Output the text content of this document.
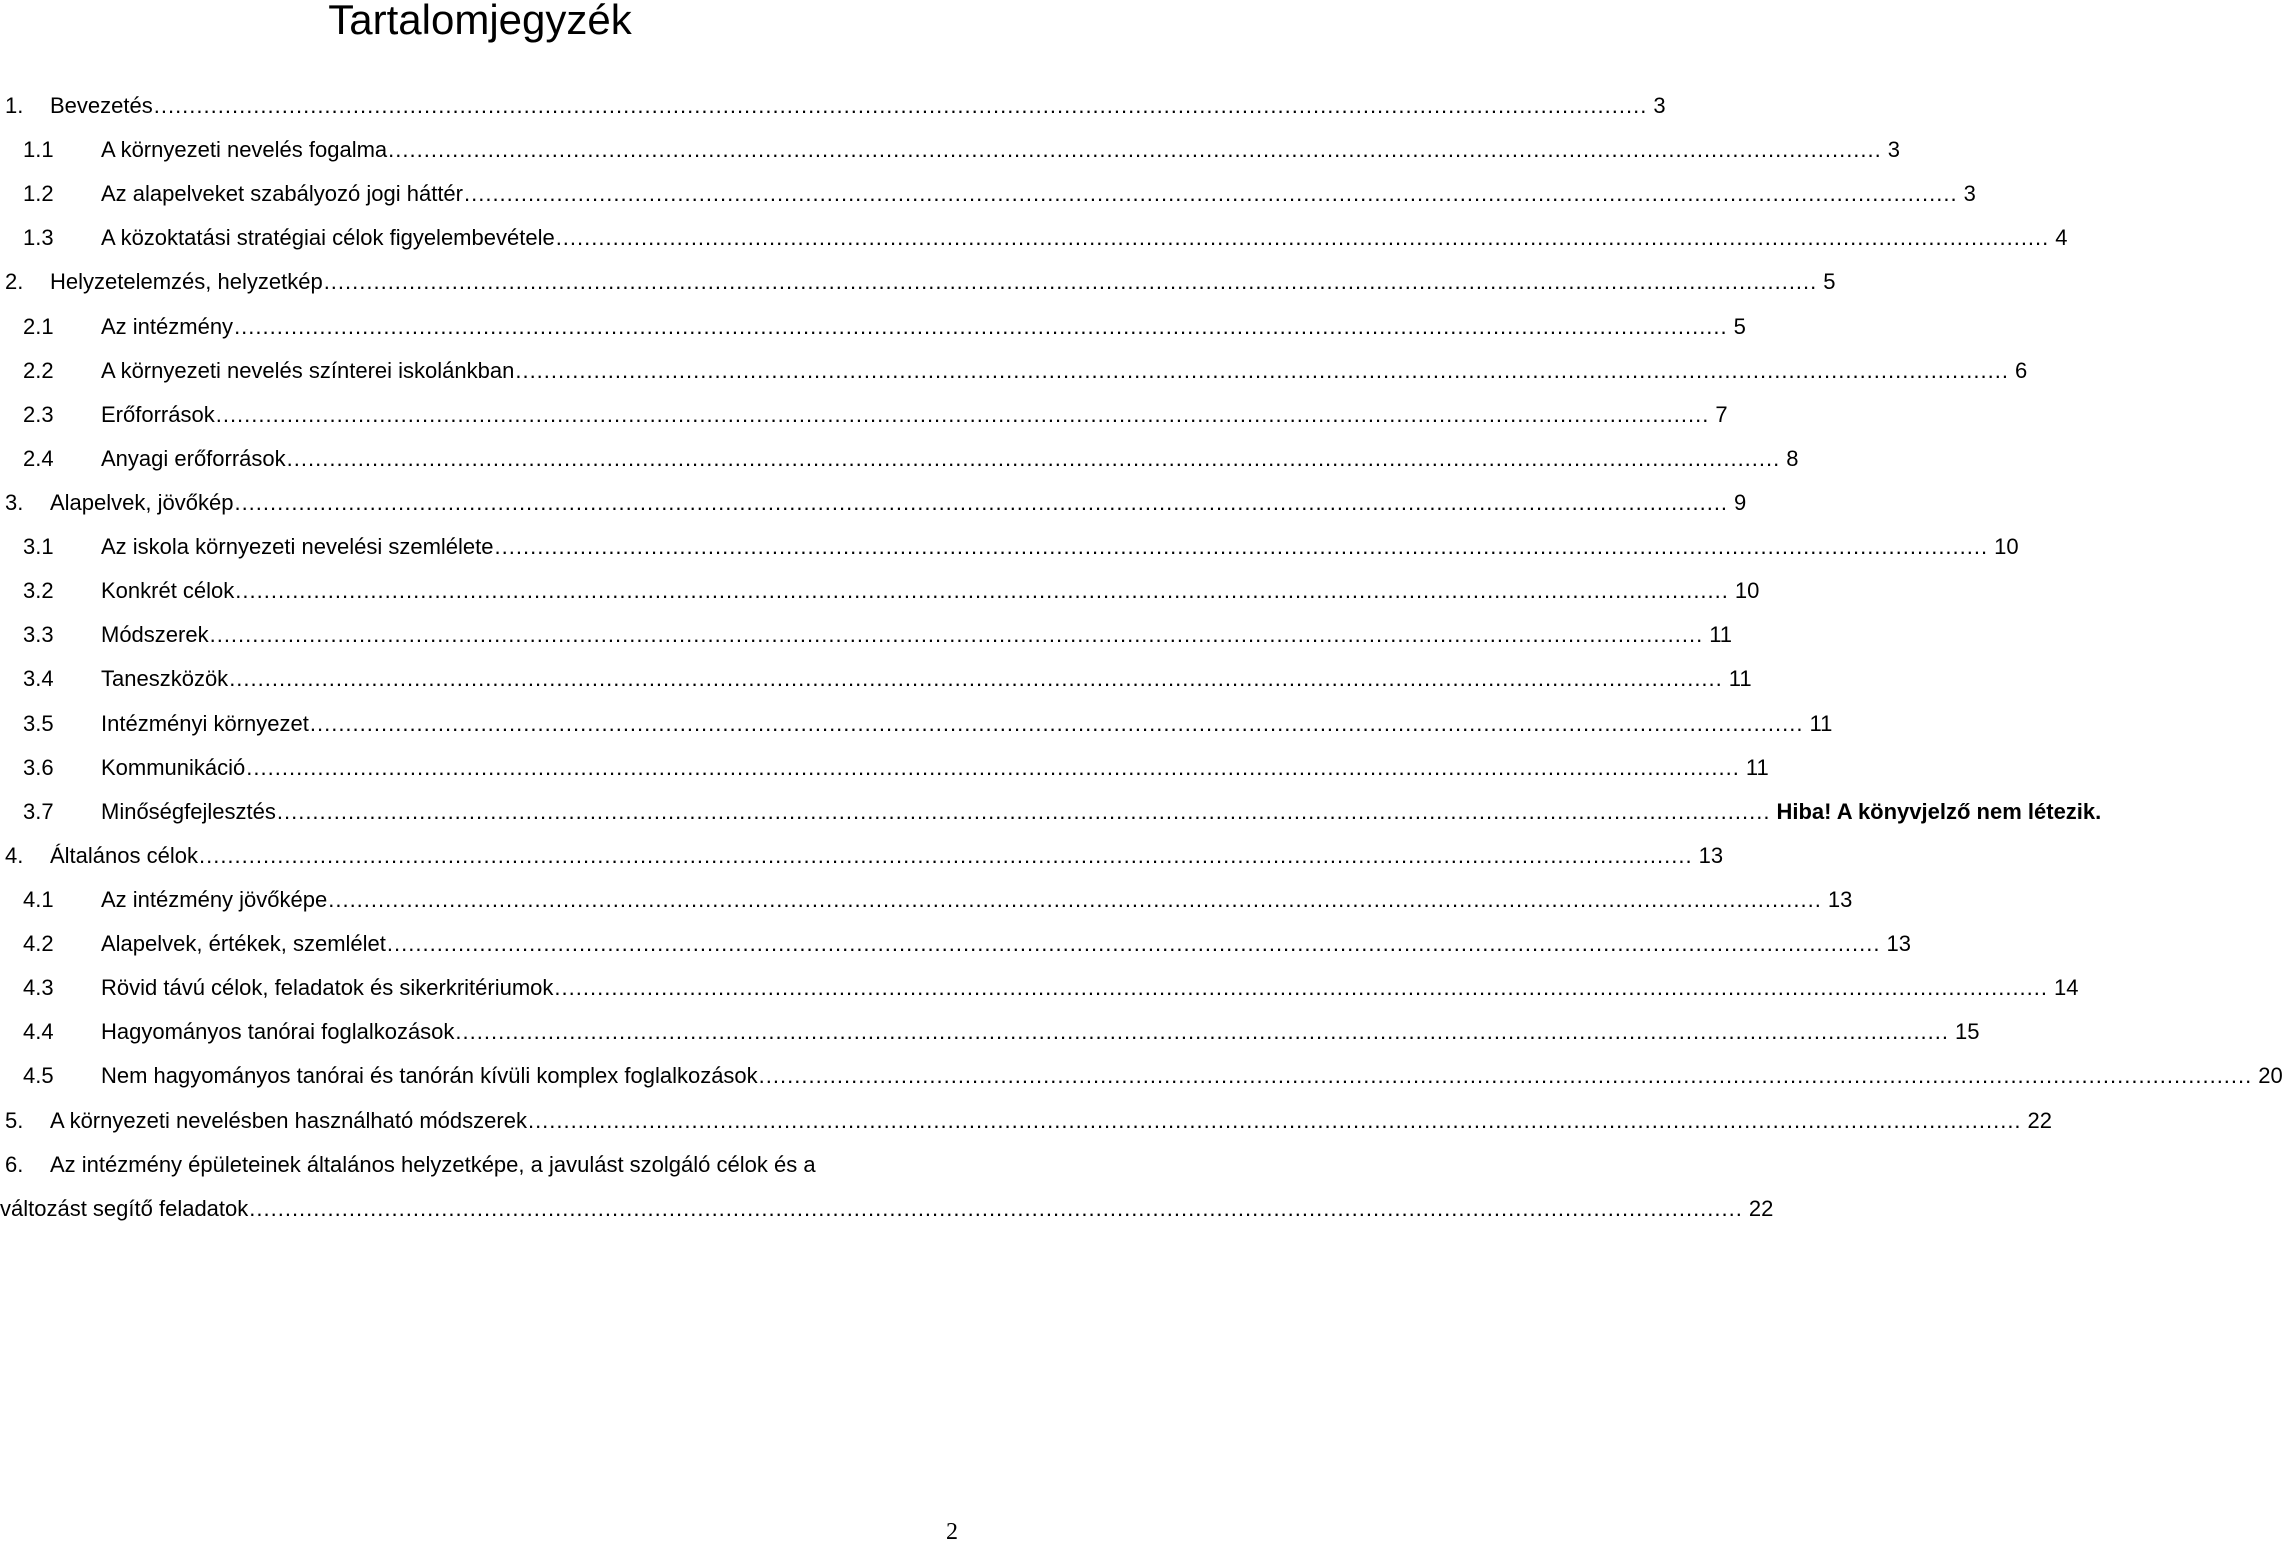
Tartalomjegyzék
1. Bevezetés .................................................................................................................................................................................................................. 3
1.1 A környezeti nevelés fogalma .................................................................................................................................................................................................................. 3
1.2 Az alapelveket szabályozó jogi háttér .................................................................................................................................................................................................................. 3
1.3 A közoktatási stratégiai célok figyelembevétele .................................................................................................................................................................................................................. 4
2. Helyzetelemzés, helyzetkép .................................................................................................................................................................................................................. 5
2.1 Az intézmény .................................................................................................................................................................................................................. 5
2.2 A környezeti nevelés színterei iskolánkban .................................................................................................................................................................................................................. 6
2.3 Erőforrások .................................................................................................................................................................................................................. 7
2.4 Anyagi erőforrások .................................................................................................................................................................................................................. 8
3. Alapelvek, jövőkép .................................................................................................................................................................................................................. 9
3.1 Az iskola környezeti nevelési szemlélete .................................................................................................................................................................................................................. 10
3.2 Konkrét célok .................................................................................................................................................................................................................. 10
3.3 Módszerek .................................................................................................................................................................................................................. 11
3.4 Taneszközök .................................................................................................................................................................................................................. 11
3.5 Intézményi környezet .................................................................................................................................................................................................................. 11
3.6 Kommunikáció .................................................................................................................................................................................................................. 11
3.7 Minőségfejlesztés .................................................................................................................................................................................................................. Hiba! A könyvjelző nem létezik.
4. Általános célok .................................................................................................................................................................................................................. 13
4.1 Az intézmény jövőképe .................................................................................................................................................................................................................. 13
4.2 Alapelvek, értékek, szemlélet .................................................................................................................................................................................................................. 13
4.3 Rövid távú célok, feladatok és sikerkritériumok .................................................................................................................................................................................................................. 14
4.4 Hagyományos tanórai foglalkozások .................................................................................................................................................................................................................. 15
4.5 Nem hagyományos tanórai és tanórán kívüli komplex foglalkozások .................................................................................................................................................................................................................. 20
5. A környezeti nevelésben használható módszerek .................................................................................................................................................................................................................. 22
6. Az intézmény épületeinek általános helyzetképe, a javulást szolgáló célok és a
változást segítő feladatok .................................................................................................................................................................................................................. 22
2
